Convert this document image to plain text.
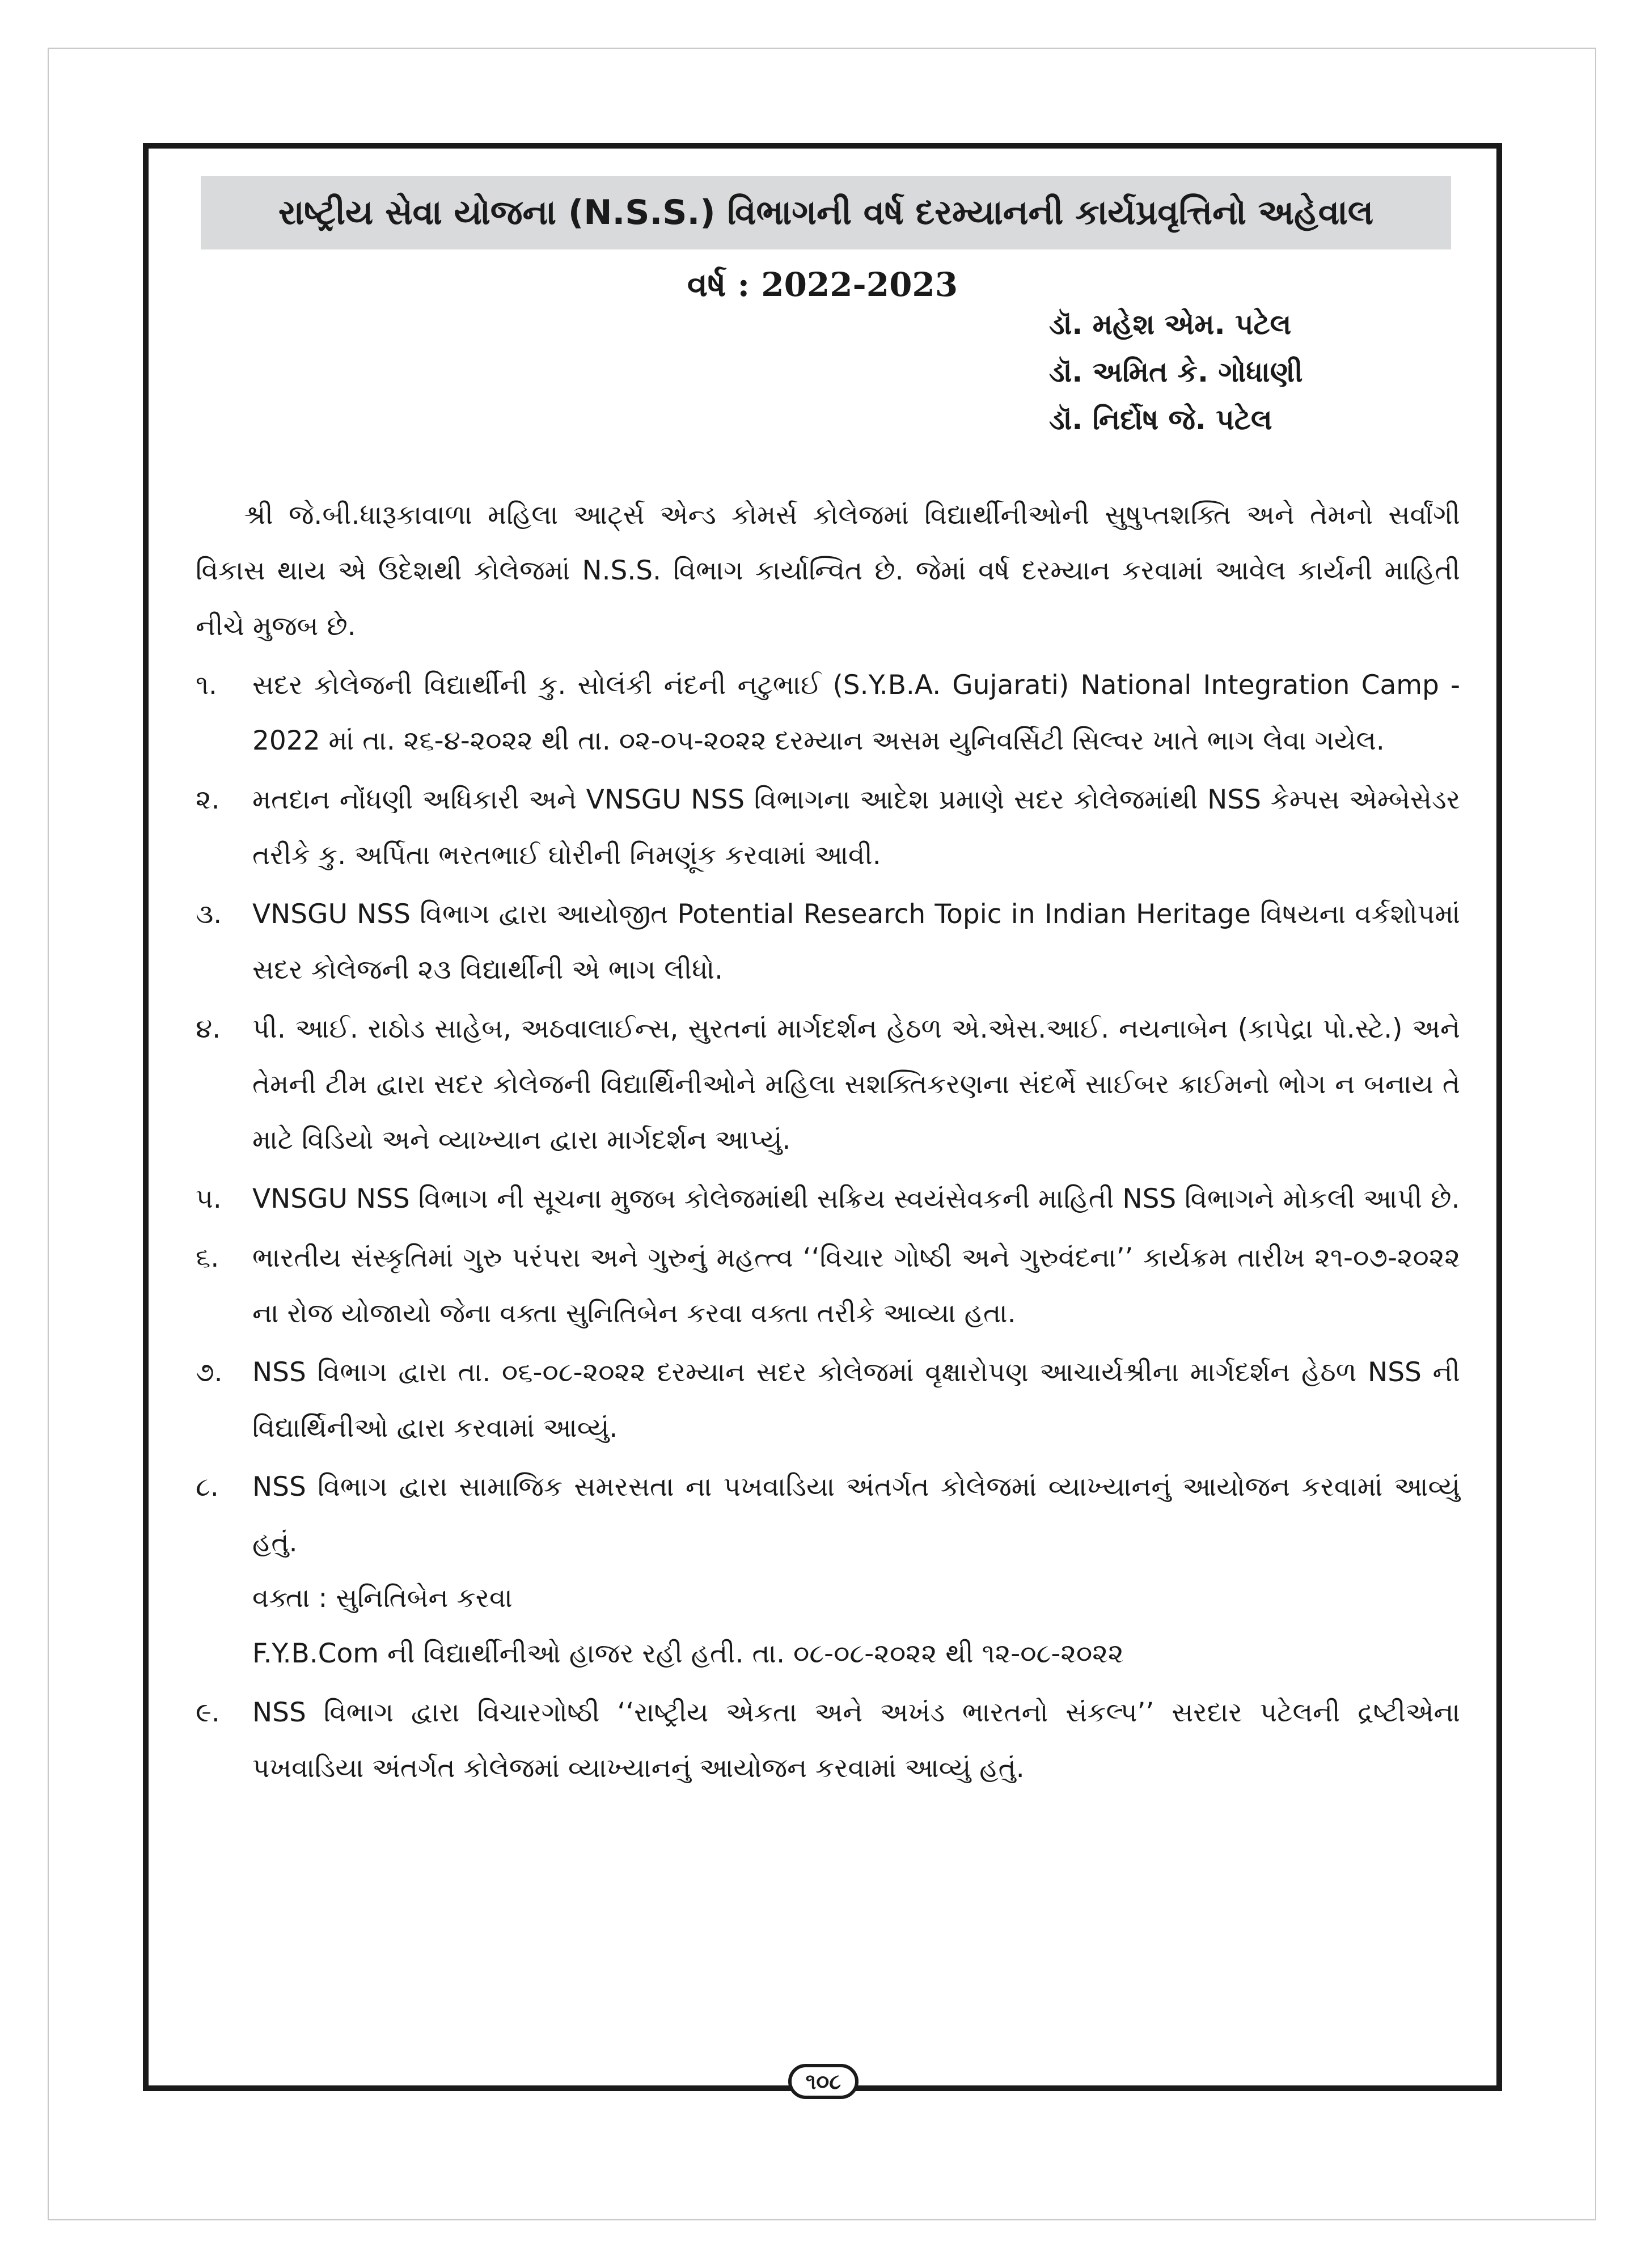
રાષ્ટ્રીય સેવા યોજના (N.S.S.) વિભાગની વર્ષ દરમ્યાનની કાર્યપ્રવૃત્તિનો અહેવાલ
વર્ષ : 2022-2023
ડૉ. મહેશ એમ. પટેલ
ડૉ. અમિત કે. ગોધાણી
ડૉ. નિર્દોષ જે. પટેલ

શ્રી જે.બી.ધારૂકાવાળા મહિલા આર્ટ્સ એન્ડ કોમર્સ કોલેજમાં વિદ્યાર્થીનીઓની સુષુપ્તશક્તિ અને તેમનો સર્વાંગી વિકાસ થાય એ ઉદેશથી કોલેજમાં N.S.S. વિભાગ કાર્યાન્વિત છે. જેમાં વર્ષ દરમ્યાન કરવામાં આવેલ કાર્યની માહિતી નીચે મુજબ છે.

૧.	સદર કોલેજની વિદ્યાર્થીની કુ. સોલંકી નંદની નટુભાઈ (S.Y.B.A. Gujarati) National Integration Camp - 2022 માં તા. ૨૬-૪-૨૦૨૨ થી તા. ૦૨-૦૫-૨૦૨૨ દરમ્યાન અસમ યુનિવર્સિટી સિલ્વર ખાતે ભાગ લેવા ગયેલ.
૨.	મતદાન નોંધણી અધિકારી અને VNSGU NSS વિભાગના આદેશ પ્રમાણે સદર કોલેજમાંથી NSS કેમ્પસ એમ્બેસેડર તરીકે કુ. અર્પિતા ભરતભાઈ ઘોરીની નિમણૂંક કરવામાં આવી.
૩.	VNSGU NSS વિભાગ દ્વારા આયોજીત Potential Research Topic in Indian Heritage વિષયના વર્કશોપમાં સદર કોલેજની ૨૩ વિદ્યાર્થીની એ ભાગ લીધો.
૪.	પી. આઈ. રાઠોડ સાહેબ, અઠવાલાઈન્સ, સુરતનાં માર્ગદર્શન હેઠળ એ.એસ.આઈ. નયનાબેન (કાપેદ્રા પો.સ્ટે.) અને તેમની ટીમ દ્વારા સદર કોલેજની વિદ્યાર્થિનીઓને મહિલા સશક્તિકરણના સંદર્ભે સાઈબર ક્રાઈમનો ભોગ ન બનાય તે માટે વિડિયો અને વ્યાખ્યાન દ્વારા માર્ગદર્શન આપ્યું.
૫.	VNSGU NSS વિભાગ ની સૂચના મુજબ કોલેજમાંથી સક્રિય સ્વયંસેવકની માહિતી NSS વિભાગને મોકલી આપી છે.
૬.	ભારતીય સંસ્કૃતિમાં ગુરુ પરંપરા અને ગુરુનું મહત્ત્વ ‘‘વિચાર ગોષ્ઠી અને ગુરુવંદના’’ કાર્યક્રમ તારીખ ૨૧-૦૭-૨૦૨૨ ના રોજ યોજાયો જેના વક્તા સુનિતિબેન કરવા વક્તા તરીકે આવ્યા હતા.
૭.	NSS વિભાગ દ્વારા તા. ૦૬-૦૮-૨૦૨૨ દરમ્યાન સદર કોલેજમાં વૃક્ષારોપણ આચાર્યશ્રીના માર્ગદર્શન હેઠળ NSS ની વિદ્યાર્થિનીઓ દ્વારા કરવામાં આવ્યું.
૮.	NSS વિભાગ દ્વારા સામાજિક સમરસતા ના પખવાડિયા અંતર્ગત કોલેજમાં વ્યાખ્યાનનું આયોજન કરવામાં આવ્યું હતું.
વક્તા : સુનિતિબેન કરવા
F.Y.B.Com ની વિદ્યાર્થીનીઓ હાજર રહી હતી. તા. ૦૮-૦૮-૨૦૨૨ થી ૧૨-૦૮-૨૦૨૨
૯.	NSS વિભાગ દ્વારા વિચારગોષ્ઠી ‘‘રાષ્ટ્રીય એકતા અને અખંડ ભારતનો સંકલ્પ’’ સરદાર પટેલની દ્રષ્ટીએના પખવાડિયા અંતર્ગત કોલેજમાં વ્યાખ્યાનનું આયોજન કરવામાં આવ્યું હતું.
૧૦૮
